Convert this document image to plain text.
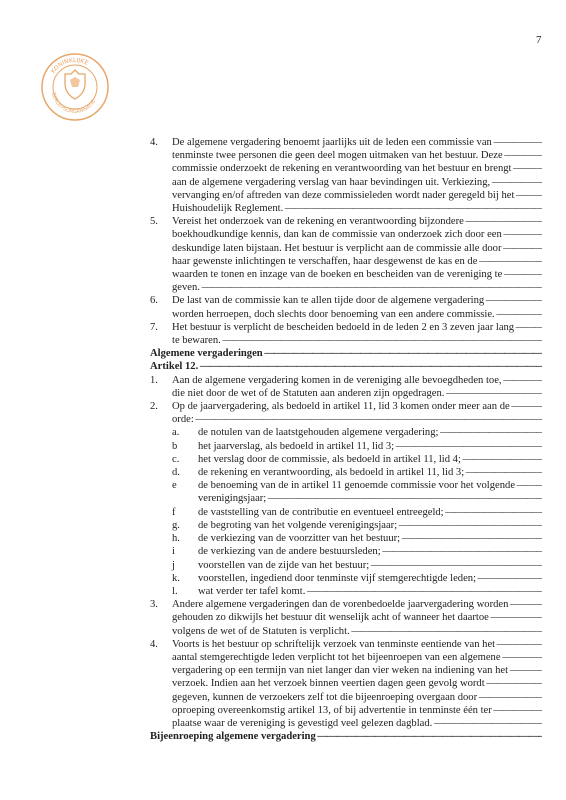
7
KONINKLIJKE
BEROEPSORGANISATIE
4. De algemene vergadering benoemt jaarlijks uit de leden een commissie van —————
tenminste twee personen die geen deel mogen uitmaken van het bestuur. Deze —————
commissie onderzoekt de rekening en verantwoording van het bestuur en brengt —————
aan de algemene vergadering verslag van haar bevindingen uit. Verkiezing, —————
vervanging en/of aftreden van deze commissieleden wordt nader geregeld bij het —————
Huishoudelijk Reglement. —————
5. Vereist het onderzoek van de rekening en verantwoording bijzondere —————
boekhoudkundige kennis, dan kan de commissie van onderzoek zich door een —————
deskundige laten bijstaan. Het bestuur is verplicht aan de commissie alle door —————
haar gewenste inlichtingen te verschaffen, haar desgewenst de kas en de —————
waarden te tonen en inzage van de boeken en bescheiden van de vereniging te —————
geven. —————
6. De last van de commissie kan te allen tijde door de algemene vergadering —————
worden herroepen, doch slechts door benoeming van een andere commissie. —————
7. Het bestuur is verplicht de bescheiden bedoeld in de leden 2 en 3 zeven jaar lang —————
te bewaren. —————
Algemene vergaderingen —————
Artikel 12. —————
1. Aan de algemene vergadering komen in de vereniging alle bevoegdheden toe, —————
die niet door de wet of de Statuten aan anderen zijn opgedragen. —————
2. Op de jaarvergadering, als bedoeld in artikel 11, lid 3 komen onder meer aan de —————
orde: —————
a. de notulen van de laatstgehouden algemene vergadering; —————
b het jaarverslag, als bedoeld in artikel 11, lid 3; —————
c. het verslag door de commissie, als bedoeld in artikel 11, lid 4; —————
d. de rekening en verantwoording, als bedoeld in artikel 11, lid 3; —————
e de benoeming van de in artikel 11 genoemde commissie voor het volgende —————
verenigingsjaar; —————
f de vaststelling van de contributie en eventueel entreegeld; —————
g. de begroting van het volgende verenigingsjaar; —————
h. de verkiezing van de voorzitter van het bestuur; —————
i de verkiezing van de andere bestuursleden; —————
j voorstellen van de zijde van het bestuur; —————
k. voorstellen, ingediend door tenminste vijf stemgerechtigde leden; —————
l. wat verder ter tafel komt. —————
3. Andere algemene vergaderingen dan de vorenbedoelde jaarvergadering worden —————
gehouden zo dikwijls het bestuur dit wenselijk acht of wanneer het daartoe —————
volgens de wet of de Statuten is verplicht. —————
4. Voorts is het bestuur op schriftelijk verzoek van tenminste eentiende van het —————
aantal stemgerechtigde leden verplicht tot het bijeenroepen van een algemene —————
vergadering op een termijn van niet langer dan vier weken na indiening van het —————
verzoek. Indien aan het verzoek binnen veertien dagen geen gevolg wordt —————
gegeven, kunnen de verzoekers zelf tot die bijeenroeping overgaan door —————
oproeping overeenkomstig artikel 13, of bij advertentie in tenminste één ter —————
plaatse waar de vereniging is gevestigd veel gelezen dagblad. —————
Bijeenroeping algemene vergadering —————
